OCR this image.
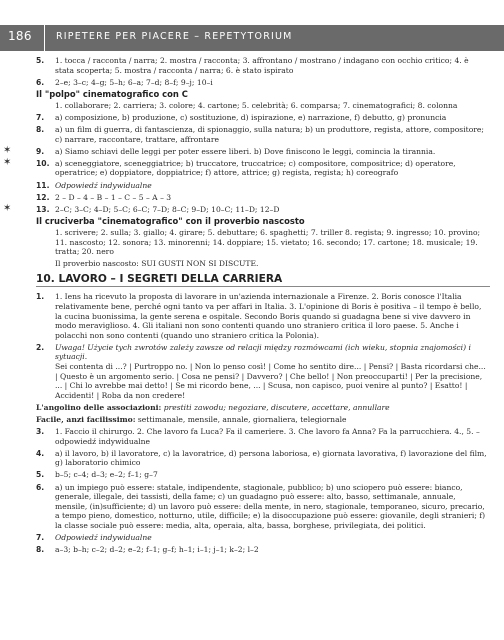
186	RIPETERE PER PIACERE – REPETYTORIUM
5. 1. tocca / racconta / narra; 2. mostra / racconta; 3. affrontano / mostrano / indagano con occhio critico; 4. è stata scoperta; 5. mostra / racconta / narra; 6. è stato ispirato
6. 2–e; 3–c; 4–g; 5–h; 6–a; 7–d; 8–f; 9–j; 10–i
Il "polpo" cinematografico con C
1. collaborare; 2. carriera; 3. colore; 4. cartone; 5. celebrità; 6. comparsa; 7. cinematografici; 8. colonna
7. a) composizione, b) produzione, c) sostituzione, d) ispirazione, e) narrazione, f) debutto, g) pronuncia
8. a) un film di guerra, di fantascienza, di spionaggio, sulla natura; b) un produttore, regista, attore, compositore; c) narrare, raccontare, trattare, affrontare
✶	9. a) Siamo schiavi delle leggi per poter essere liberi. b) Dove finiscono le leggi, comincia la tirannia.
✶	10. a) sceneggiatore, sceneggiatrice; b) truccatore, truccatrice; c) compositore, compositrice; d) operatore, operatrice; e) doppiatore, doppiatrice; f) attore, attrice; g) regista, regista; h) coreografo
11. Odpowiedź indywidualne
12. 2 – D – 4 – B – 1 – C – 5 – A – 3
✶	13. 2–C; 3–C; 4–D; 5–C; 6–C; 7–D; 8–C; 9–D; 10–C; 11–D; 12–D
Il cruciverba "cinematografico" con il proverbio nascosto
1. scrivere; 2. sulla; 3. giallo; 4. girare; 5. debuttare; 6. spaghetti; 7. triller 8. regista; 9. ingresso; 10. provino; 11. nascosto; 12. sonora; 13. minorenni; 14. doppiare; 15. vietato; 16. secondo; 17. cartone; 18. musicale; 19. tratta; 20. nero
Il proverbio nascosto: SUI GUSTI NON SI DISCUTE.
10. LAVORO – I SEGRETI DELLA CARRIERA
1. 1. Iens ha ricevuto la proposta di lavorare in un'azienda internazionale a Firenze. 2. Boris conosce l'Italia relativamente bene, perché ogni tanto va per affari in Italia. 3. L'opinione di Boris è positiva – il tempo è bello, la cucina buonissima, la gente serena e ospitale. Secondo Boris quando si guadagna bene si vive davvero in modo meraviglioso. 4. Gli italiani non sono contenti quando uno straniero critica il loro paese. 5. Anche i polacchi non sono contenti (quando uno straniero critica la Polonia).
2. Uwaga! Użycie tych zwrotów zależy zawsze od relacji między rozmówcami (ich wieku, stopnia znajomości) i sytuacji.
Sei contenta di ...? | Purtroppo no. | Non lo penso così! | Come ho sentito dire... | Pensi? | Basta ricordarsi che... | Questo è un argomento serio. | Cosa ne pensi? | Davvero? | Che bello! | Non preoccuparti! | Per la precisione, ... | Chi lo avrebbe mai detto! | Se mi ricordo bene, ... | Scusa, non capisco, puoi venire al punto? | Esatto! | Accidenti! | Roba da non credere!
L'angolino delle associazioni: prestiti zawodu; negoziare, discutere, accettare, annullare
Facile, anzi facilissimo: settimanale, mensile, annale, giornaliera, telegiornale
3. 1. Faccio il chirurgo. 2. Che lavoro fa Luca? Fa il cameriere. 3. Che lavoro fa Anna? Fa la parrucchiera. 4., 5. – odpowiedź indywidualne
4. a) il lavoro, b) il lavoratore, c) la lavoratrice, d) persona laboriosa, e) giornata lavorativa, f) lavorazione del film, g) laboratorio chimico
5. b–5; c–4; d–3; e–2; f–1; g–7
6. a) un impiego può essere: statale, indipendente, stagionale, pubblico; b) uno sciopero può essere: bianco, generale, illegale, dei tassisti, della fame; c) un guadagno può essere: alto, basso, settimanale, annuale, mensile, (in)sufficiente; d) un lavoro può essere: della mente, in nero, stagionale, temporaneo, sicuro, precario, a tempo pieno, domestico, notturno, utile, difficile; e) la disoccupazione può essere: giovanile, degli stranieri; f) la classe sociale può essere: media, alta, operaia, alta, bassa, borghese, privilegiata, dei politici.
7. Odpowiedź indywidualne
8. a–3; b–h; c–2; d–2; e–2; f–1; g–f; h–1; i–1; j–1; k–2; l–2
